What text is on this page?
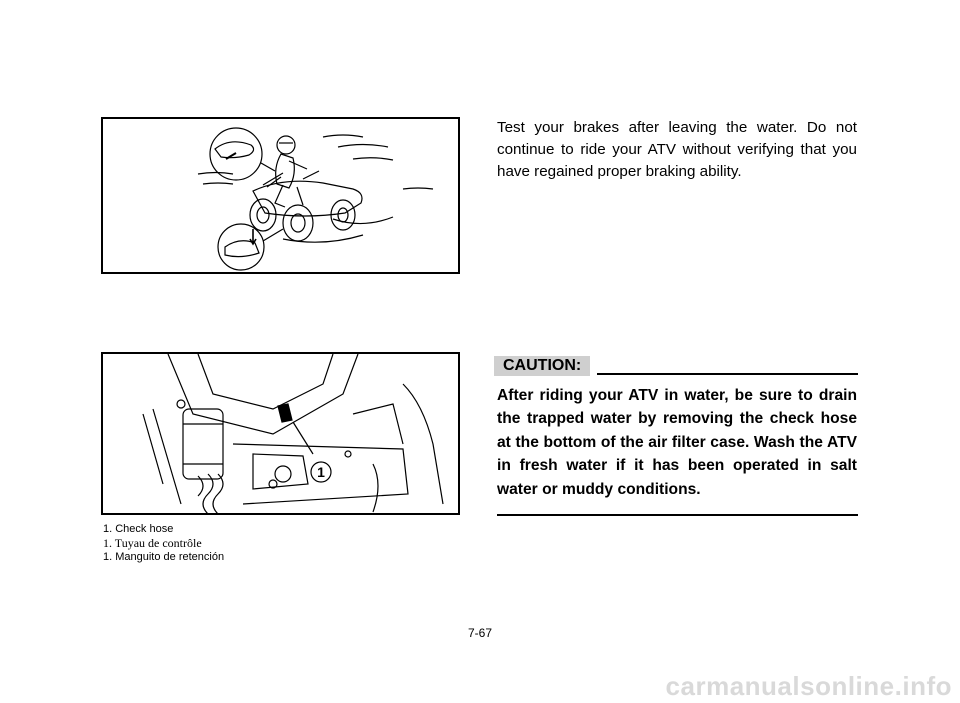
1
1. Check hose
1. Tuyau de contrôle
1. Manguito de retención

Test your brakes after leaving the water. Do not continue to ride your ATV without verifying that you have regained proper braking ability.

CAUTION:

After riding your ATV in water, be sure to drain the trapped water by removing the check hose at the bottom of the air filter case. Wash the ATV in fresh water if it has been operated in salt water or muddy conditions.

7-67
carmanualsonline.info
